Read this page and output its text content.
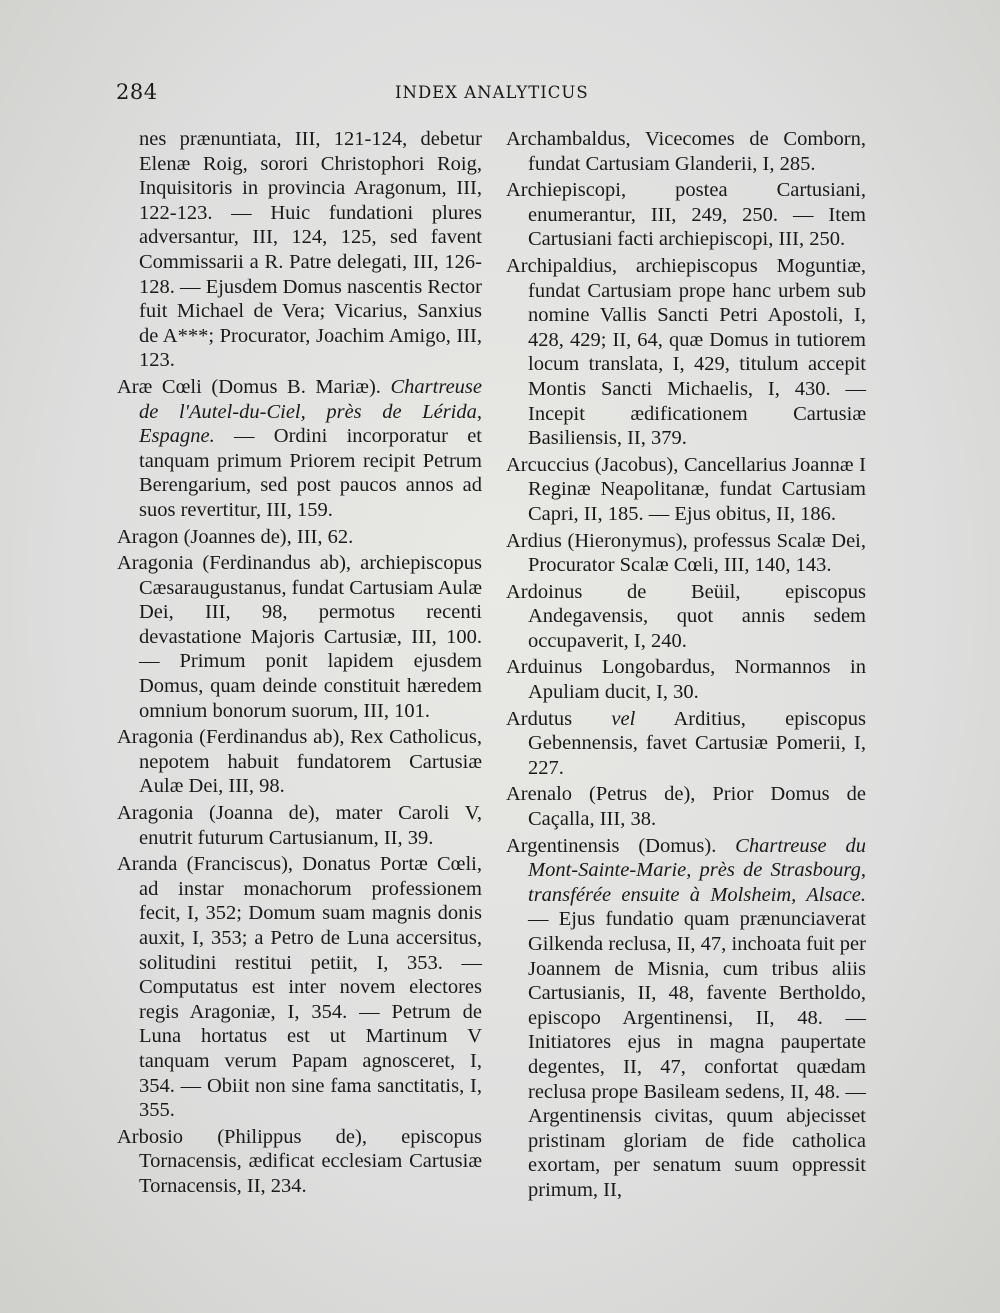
284	INDEX ANALYTICUS

nes prænuntiata, III, 121-124, debetur Elenæ Roig, sorori Christophori Roig, Inquisitoris in provincia Aragonum, III, 122-123. — Huic fundationi plures adversantur, III, 124, 125, sed favent Commissarii a R. Patre delegati, III, 126-128. — Ejusdem Domus nascentis Rector fuit Michael de Vera; Vicarius, Sanxius de A***; Procurator, Joachim Amigo, III, 123.

Aræ Cœli (Domus B. Mariæ). Chartreuse de l'Autel-du-Ciel, près de Lérida, Espagne. — Ordini incorporatur et tanquam primum Priorem recipit Petrum Berengarium, sed post paucos annos ad suos revertitur, III, 159.

Aragon (Joannes de), III, 62.

Aragonia (Ferdinandus ab), archiepiscopus Cæsaraugustanus, fundat Cartusiam Aulæ Dei, III, 98, permotus recenti devastatione Majoris Cartusiæ, III, 100. — Primum ponit lapidem ejusdem Domus, quam deinde constituit hæredem omnium bonorum suorum, III, 101.

Aragonia (Ferdinandus ab), Rex Catholicus, nepotem habuit fundatorem Cartusiæ Aulæ Dei, III, 98.

Aragonia (Joanna de), mater Caroli V, enutrit futurum Cartusianum, II, 39.

Aranda (Franciscus), Donatus Portæ Cœli, ad instar monachorum professionem fecit, I, 352; Domum suam magnis donis auxit, I, 353; a Petro de Luna accersitus, solitudini restitui petiit, I, 353. — Computatus est inter novem electores regis Aragoniæ, I, 354. — Petrum de Luna hortatus est ut Martinum V tanquam verum Papam agnosceret, I, 354. — Obiit non sine fama sanctitatis, I, 355.

Arbosio (Philippus de), episcopus Tornacensis, ædificat ecclesiam Cartusiæ Tornacensis, II, 234.

Archambaldus, Vicecomes de Comborn, fundat Cartusiam Glanderii, I, 285.

Archiepiscopi, postea Cartusiani, enumerantur, III, 249, 250. — Item Cartusiani facti archiepiscopi, III, 250.

Archipaldius, archiepiscopus Moguntiæ, fundat Cartusiam prope hanc urbem sub nomine Vallis Sancti Petri Apostoli, I, 428, 429; II, 64, quæ Domus in tutiorem locum translata, I, 429, titulum accepit Montis Sancti Michaelis, I, 430. — Incepit ædificationem Cartusiæ Basiliensis, II, 379.

Arcuccius (Jacobus), Cancellarius Joannæ I Reginæ Neapolitanæ, fundat Cartusiam Capri, II, 185. — Ejus obitus, II, 186.

Ardius (Hieronymus), professus Scalæ Dei, Procurator Scalæ Cœli, III, 140, 143.

Ardoinus de Beüil, episcopus Andegavensis, quot annis sedem occupaverit, I, 240.

Arduinus Longobardus, Normannos in Apuliam ducit, I, 30.

Ardutus vel Arditius, episcopus Gebennensis, favet Cartusiæ Pomerii, I, 227.

Arenalo (Petrus de), Prior Domus de Caçalla, III, 38.

Argentinensis (Domus). Chartreuse du Mont-Sainte-Marie, près de Strasbourg, transférée ensuite à Molsheim, Alsace. — Ejus fundatio quam prænunciaverat Gilkenda reclusa, II, 47, inchoata fuit per Joannem de Misnia, cum tribus aliis Cartusianis, II, 48, favente Bertholdo, episcopo Argentinensi, II, 48. — Initiatores ejus in magna paupertate degentes, II, 47, confortat quædam reclusa prope Basileam sedens, II, 48. — Argentinensis civitas, quum abjecisset pristinam gloriam de fide catholica exortam, per senatum suum oppressit primum, II,
